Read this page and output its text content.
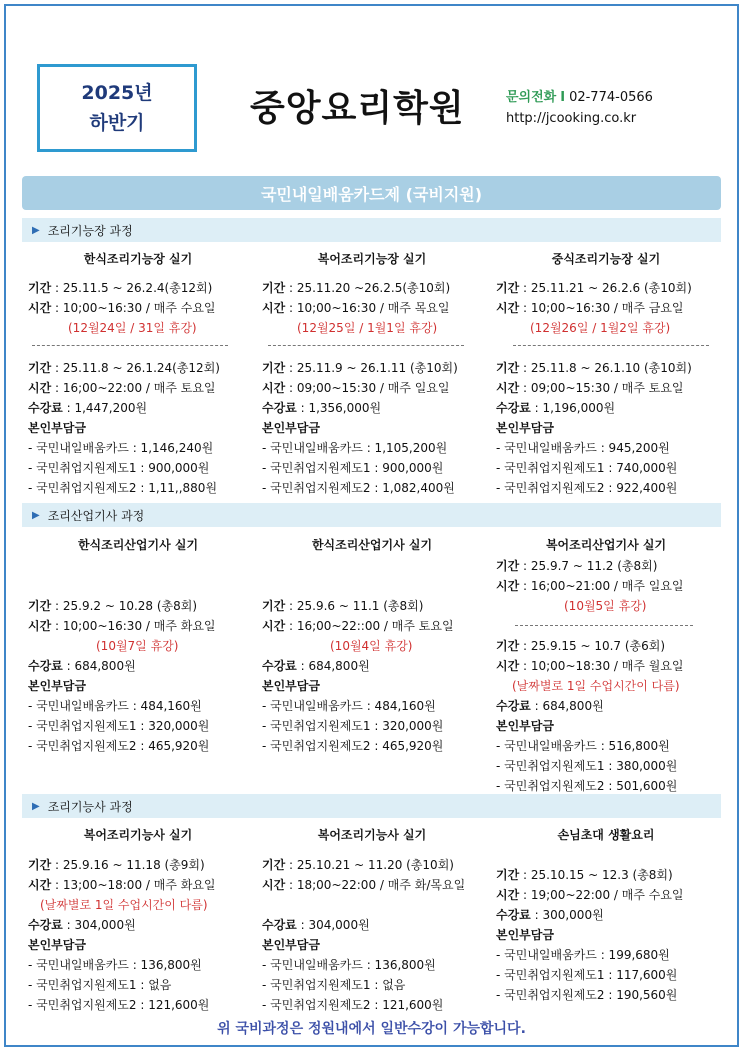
2025년
하반기	중앙요리학원	문의전화 I 02-774-0566
http://jcooking.co.kr
국민내일배움카드제 (국비지원)
▶ 조리기능장 과정
한식조리기능장 실기
기간 : 25.11.5 ~ 26.2.4(총12회)
시간 : 10;00~16:30 / 매주 수요일
(12월24일 / 31일 휴강)
기간 : 25.11.8 ~ 26.1.24(총12회)
시간 : 16;00~22:00 / 매주 토요일
수강료 : 1,447,200원
본인부담금
- 국민내일배움카드 : 1,146,240원
- 국민취업지원제도1 : 900,000원
- 국민취업지원제도2 : 1,11,,880원
복어조리기능장 실기
기간 : 25.11.20 ~26.2.5(총10회)
시간 : 10;00~16:30 / 매주 목요일
(12월25일 / 1월1일 휴강)
기간 : 25.11.9 ~ 26.1.11 (총10회)
시간 : 09;00~15:30 / 매주 일요일
수강료 : 1,356,000원
본인부담금
- 국민내일배움카드 : 1,105,200원
- 국민취업지원제도1 : 900,000원
- 국민취업지원제도2 : 1,082,400원
중식조리기능장 실기
기간 : 25.11.21 ~ 26.2.6 (총10회)
시간 : 10;00~16:30 / 매주 금요일
(12월26일 / 1월2일 휴강)
기간 : 25.11.8 ~ 26.1.10 (총10회)
시간 : 09;00~15:30 / 매주 토요일
수강료 : 1,196,000원
본인부담금
- 국민내일배움카드 : 945,200원
- 국민취업지원제도1 : 740,000원
- 국민취업지원제도2 : 922,400원
▶ 조리산업기사 과정
한식조리산업기사 실기
기간 : 25.9.2 ~ 10.28 (총8회)
시간 : 10;00~16:30 / 매주 화요일
(10월7일 휴강)
수강료 : 684,800원
본인부담금
- 국민내일배움카드 : 484,160원
- 국민취업지원제도1 : 320,000원
- 국민취업지원제도2 : 465,920원
한식조리산업기사 실기
기간 : 25.9.6 ~ 11.1 (총8회)
시간 : 16;00~22::00 / 매주 토요일
(10월4일 휴강)
수강료 : 684,800원
본인부담금
- 국민내일배움카드 : 484,160원
- 국민취업지원제도1 : 320,000원
- 국민취업지원제도2 : 465,920원
복어조리산업기사 실기
기간 : 25.9.7 ~ 11.2 (총8회)
시간 : 16;00~21:00 / 매주 일요일
(10월5일 휴강)
기간 : 25.9.15 ~ 10.7 (총6회)
시간 : 10;00~18:30 / 매주 월요일
(날짜별로 1일 수업시간이 다름)
수강료 : 684,800원
본인부담금
- 국민내일배움카드 : 516,800원
- 국민취업지원제도1 : 380,000원
- 국민취업지원제도2 : 501,600원
▶ 조리기능사 과정
복어조리기능사 실기
기간 : 25.9.16 ~ 11.18 (총9회)
시간 : 13;00~18:00 / 매주 화요일
(날짜별로 1일 수업시간이 다름)
수강료 : 304,000원
본인부담금
- 국민내일배움카드 : 136,800원
- 국민취업지원제도1 : 없음
- 국민취업지원제도2 : 121,600원
복어조리기능사 실기
기간 : 25.10.21 ~ 11.20 (총10회)
시간 : 18;00~22:00 / 매주 화/목요일
수강료 : 304,000원
본인부담금
- 국민내일배움카드 : 136,800원
- 국민취업지원제도1 : 없음
- 국민취업지원제도2 : 121,600원
손님초대 생활요리
기간 : 25.10.15 ~ 12.3 (총8회)
시간 : 19;00~22:00 / 매주 수요일
수강료 : 300,000원
본인부담금
- 국민내일배움카드 : 199,680원
- 국민취업지원제도1 : 117,600원
- 국민취업지원제도2 : 190,560원
위 국비과정은 정원내에서 일반수강이 가능합니다.
